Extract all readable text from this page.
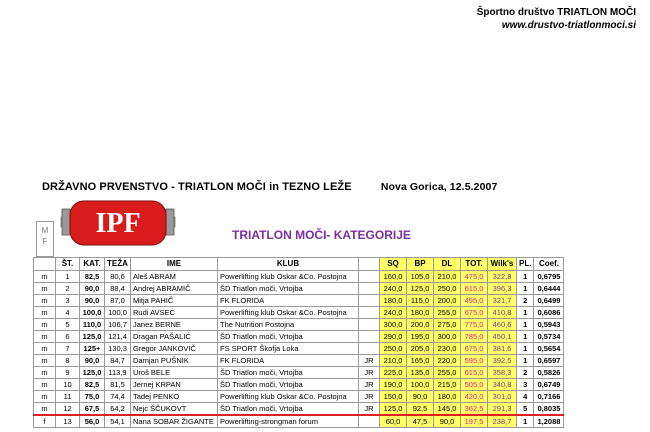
Športno društvo TRIATLON MOČI
www.drustvo-triatlonmoci.si
DRŽAVNO PRVENSTVO - TRIATLON MOČI in TEZNO LEŽE	Nova Gorica, 12.5.2007
IPF
M
F	TRIATLON MOČI- KATEGORIJE
	ŠT.	KAT.	TEŽA	IME	KLUB		SQ	BP	DL	TOT.	Wilk's	PL.	Coef.
m	1	82,5	80,6	Aleš ABRAM	Powerlifting klub Oskar &Co. Postojna		160,0	105,0	210,0	475,0	322,8	1	0,6795
m	2	90,0	88,4	Andrej ABRAMIČ	ŠD Triatlon moči, Vrtojba		240,0	125,0	250,0	615,0	396,3	1	0,6444
m	3	90,0	87,0	Mitja PAHIČ	FK FLORIDA		180,0	115,0	200,0	495,0	321,7	2	0,6499
m	4	100,0	100,0	Rudi AVSEC	Powerlifting klub Oskar &Co. Postojna		240,0	180,0	255,0	675,0	410,8	1	0,6086
m	5	110,0	106,7	Janez BERNE	The Nutrition Postojna		300,0	200,0	275,0	775,0	460,6	1	0,5943
m	6	125,0	121,4	Dragan PAŠALIĆ	ŠD Triatlon moči, Vrtojba		290,0	195,0	300,0	785,0	450,1	1	0,5734
m	7	125+	130,3	Gregor JANKOVIČ	FS SPORT Škofja Loka		250,0	205,0	230,0	675,0	381,6	1	0,5654
m	8	90,0	84,7	Damjan PUŠNIK	FK FLORIDA	JR	210,0	165,0	220,0	595,0	392,5	1	0,6597
m	9	125,0	113,9	Uroš BELE	ŠD Triatlon moči, Vrtojba	JR	225,0	135,0	255,0	615,0	358,3	2	0,5826
m	10	82,5	81,5	Jernej KRPAN	ŠD Triatlon moči, Vrtojba	JR	190,0	100,0	215,0	505,0	340,8	3	0,6749
m	11	75,0	74,4	Tadej PENKO	Powerlifting klub Oskar &Co. Postojna	JR	150,0	90,0	180,0	420,0	301,0	4	0,7166
m	12	67,5	64,2	Nejc ŠČUKOVT	ŠD Triatlon moči, Vrtojba	JR	125,0	92,5	145,0	362,5	291,3	5	0,8035
f	13	56,0	54,1	Nana SOBAR ŽIGANTE	Powerlifting-strongman forum		60,0	47,5	90,0	197,5	238,7	1	1,2088
